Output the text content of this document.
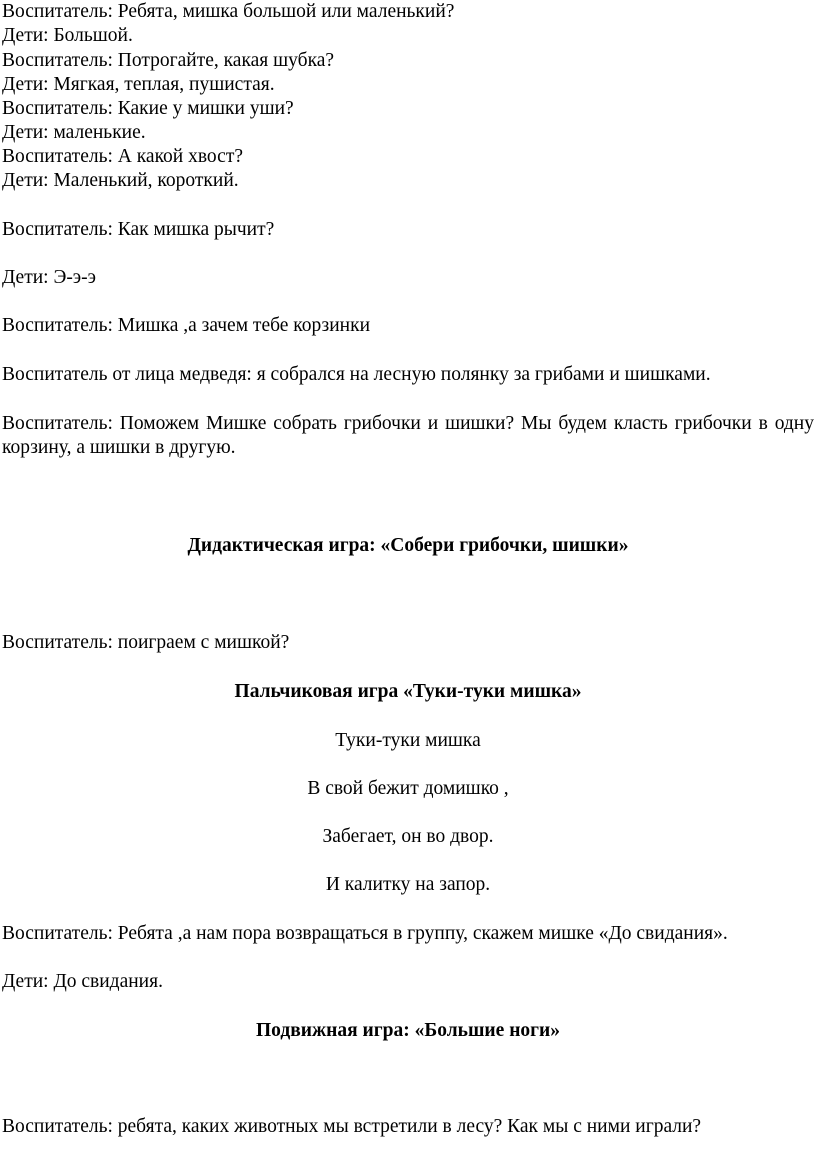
Воспитатель: Ребята, мишка большой или маленький?
Дети: Большой.
Воспитатель: Потрогайте, какая шубка?
Дети: Мягкая, теплая, пушистая.
Воспитатель: Какие у мишки уши?
Дети: маленькие.
Воспитатель: А какой хвост?
Дети: Маленький, короткий.
Воспитатель: Как мишка рычит?
Дети: Э-э-э
Воспитатель: Мишка ,а зачем тебе корзинки
Воспитатель от лица медведя: я собрался на лесную полянку за грибами и шишками.
Воспитатель: Поможем Мишке собрать грибочки и шишки? Мы будем класть грибочки в одну корзину, а шишки в другую.
Дидактическая игра: «Собери грибочки, шишки»
Воспитатель: поиграем с мишкой?
Пальчиковая игра «Туки-туки мишка»
Туки-туки мишка
В свой бежит домишко ,
Забегает, он во двор.
И калитку на запор.
Воспитатель: Ребята ,а нам пора возвращаться в группу, скажем мишке «До свидания».
Дети: До свидания.
Подвижная игра: «Большие ноги»
Воспитатель: ребята, каких животных мы встретили в лесу? Как мы с ними играли?
